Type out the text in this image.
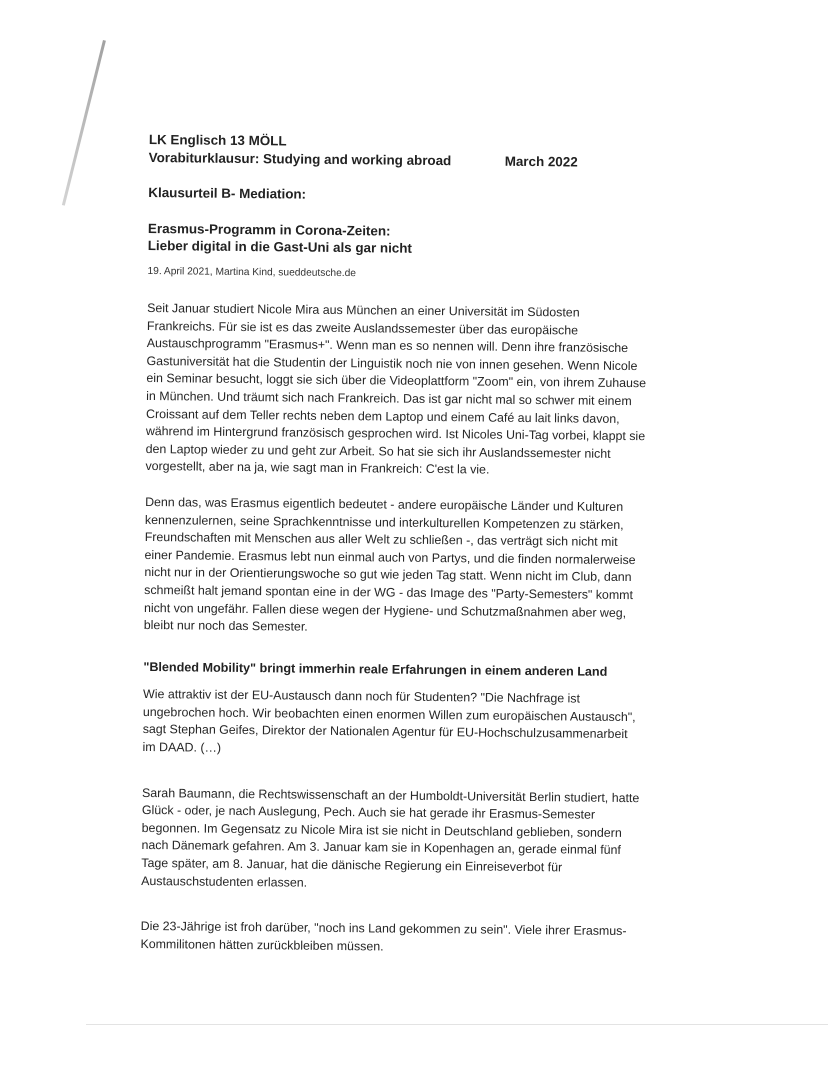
LK Englisch 13 MÖLL
Vorabiturklausur: Studying and working abroad	March 2022
Klausurteil B- Mediation:
Erasmus-Programm in Corona-Zeiten:
Lieber digital in die Gast-Uni als gar nicht
19. April 2021, Martina Kind, sueddeutsche.de

Seit Januar studiert Nicole Mira aus München an einer Universität im Südosten Frankreichs. Für sie ist es das zweite Auslandssemester über das europäische Austauschprogramm "Erasmus+". Wenn man es so nennen will. Denn ihre französische Gastuniversität hat die Studentin der Linguistik noch nie von innen gesehen. Wenn Nicole ein Seminar besucht, loggt sie sich über die Videoplattform "Zoom" ein, von ihrem Zuhause in München. Und träumt sich nach Frankreich. Das ist gar nicht mal so schwer mit einem Croissant auf dem Teller rechts neben dem Laptop und einem Café au lait links davon, während im Hintergrund französisch gesprochen wird. Ist Nicoles Uni-Tag vorbei, klappt sie den Laptop wieder zu und geht zur Arbeit. So hat sie sich ihr Auslandssemester nicht vorgestellt, aber na ja, wie sagt man in Frankreich: C'est la vie.

Denn das, was Erasmus eigentlich bedeutet - andere europäische Länder und Kulturen kennenzulernen, seine Sprachkenntnisse und interkulturellen Kompetenzen zu stärken, Freundschaften mit Menschen aus aller Welt zu schließen -, das verträgt sich nicht mit einer Pandemie. Erasmus lebt nun einmal auch von Partys, und die finden normalerweise nicht nur in der Orientierungswoche so gut wie jeden Tag statt. Wenn nicht im Club, dann schmeißt halt jemand spontan eine in der WG - das Image des "Party-Semesters" kommt nicht von ungefähr. Fallen diese wegen der Hygiene- und Schutzmaßnahmen aber weg, bleibt nur noch das Semester.

"Blended Mobility" bringt immerhin reale Erfahrungen in einem anderen Land

Wie attraktiv ist der EU-Austausch dann noch für Studenten? "Die Nachfrage ist ungebrochen hoch. Wir beobachten einen enormen Willen zum europäischen Austausch", sagt Stephan Geifes, Direktor der Nationalen Agentur für EU-Hochschulzusammenarbeit im DAAD. (…)

Sarah Baumann, die Rechtswissenschaft an der Humboldt-Universität Berlin studiert, hatte Glück - oder, je nach Auslegung, Pech. Auch sie hat gerade ihr Erasmus-Semester begonnen. Im Gegensatz zu Nicole Mira ist sie nicht in Deutschland geblieben, sondern nach Dänemark gefahren. Am 3. Januar kam sie in Kopenhagen an, gerade einmal fünf Tage später, am 8. Januar, hat die dänische Regierung ein Einreiseverbot für Austauschstudenten erlassen.

Die 23-Jährige ist froh darüber, "noch ins Land gekommen zu sein". Viele ihrer Erasmus-Kommilitonen hätten zurückbleiben müssen.
